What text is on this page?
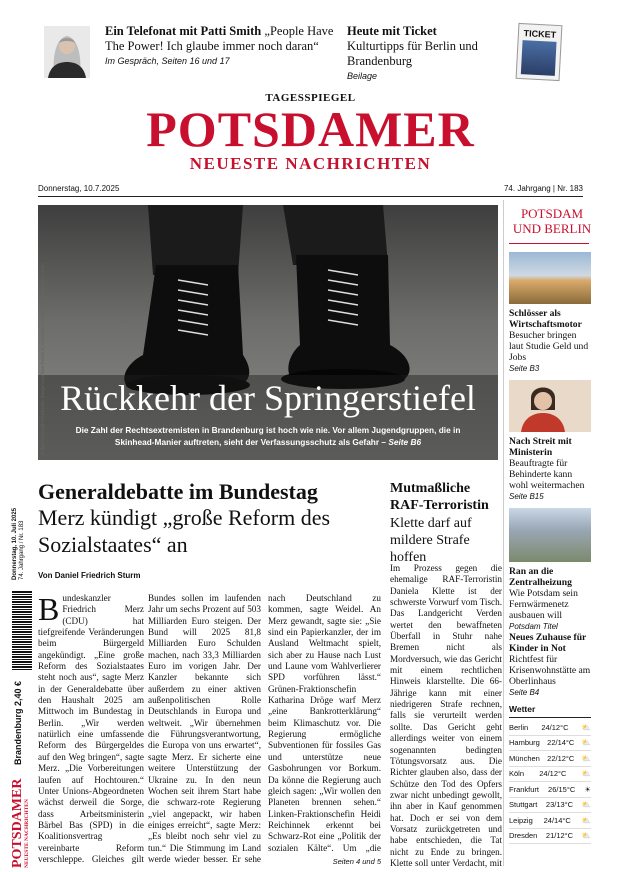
Ein Telefonat mit Patti Smith „People Have The Power! Ich glaube immer noch daran“
Im Gespräch, Seiten 16 und 17
Heute mit Ticket
Kulturtipps für Berlin und Brandenburg
Beilage
TICKET
TAGESSPIEGEL
POTSDAMER
NEUESTE NACHRICHTEN
Donnerstag, 10.7.2025	74. Jahrgang | Nr. 183
Rückkehr der Springerstiefel
Die Zahl der Rechtsextremisten in Brandenburg ist hoch wie nie. Vor allem Jugendgruppen, die in Skinhead-Manier auftreten, sieht der Verfassungsschutz als Gefahr – Seite B6
© dpa/Christoph Reichwein; imago/Jonathan Tausend; Sebastian Gabsch, dpa/Vanessa Lo Cast
Generaldebatte im Bundestag
Merz kündigt „große Reform des Sozialstaates“ an
Von Daniel Friedrich Sturm
Bundeskanzler Friedrich Merz (CDU) hat tiefgreifende Veränderungen beim Bürgergeld angekündigt. „Eine große Reform des Sozialstaates steht noch aus“, sagte Merz in der Generaldebatte über den Haushalt 2025 am Mittwoch im Bundestag in Berlin. „Wir werden natürlich eine umfassende Reform des Bürgergeldes auf den Weg bringen“, sagte Merz. „Die Vorbereitungen laufen auf Hochtouren.“ Unter Unions-Abgeordneten wächst derweil die Sorge, dass Arbeitsministerin Bärbel Bas (SPD) in die Koalitionsvertrag vereinbarte Reform verschleppe. Gleiches gilt

Bundes sollen im laufenden Jahr um sechs Prozent auf 503 Milliarden Euro steigen. Der Bund will 2025 81,8 Milliarden Euro Schulden machen, nach 33,3 Milliarden Euro im vorigen Jahr. Der Kanzler bekannte sich außerdem zu einer aktiven außenpolitischen Rolle Deutschlands in Europa und weltweit. „Wir übernehmen die Führungsverantwortung, die Europa von uns erwartet“, sagte Merz. Er sicherte eine weitere Unterstützung der Ukraine zu. In den neun Wochen seit ihrem Start habe die schwarz-rote Regierung „viel angepackt, wir haben einiges erreicht“, sagte Merz: „Es bleibt noch sehr viel zu tun.“ Die Stimmung im Land werde wieder besser. Er sehe

nach Deutschland zu kommen, sagte Weidel. An Merz gewandt, sagte sie: „Sie sind ein Papierkanzler, der im Ausland Weltmacht spielt, sich aber zu Hause nach Lust und Laune vom Wahlverlierer SPD vorführen lässt.“ Grünen-Fraktionschefin Katharina Dröge warf Merz „eine Bankrotterklärung“ beim Klimaschutz vor. Die Regierung ermögliche Subventionen für fossiles Gas und unterstütze neue Gasbohrungen vor Borkum. Da könne die Regierung auch gleich sagen: „Wir wollen den Planeten brennen sehen.“ Linken-Fraktionschefin Heidi Reichinnek erkennt bei Schwarz-Rot eine „Politik der sozialen Kälte“. Um „die

Seiten 4 und 5
Mutmaßliche RAF-Terroristin
Klette darf auf mildere Strafe hoffen
Im Prozess gegen die ehemalige RAF-Terroristin Daniela Klette ist der schwerste Vorwurf vom Tisch. Das Landgericht Verden wertet den bewaffneten Überfall in Stuhr nahe Bremen nicht als Mordversuch, wie das Gericht mit einem rechtlichen Hinweis klarstellte. Die 66-Jährige kann mit einer niedrigeren Strafe rechnen, falls sie verurteilt werden sollte. Das Gericht geht allerdings weiter von einem sogenannten bedingten Tötungsvorsatz aus. Die Richter glauben also, dass der Schütze den Tod des Opfers zwar nicht unbedingt gewollt, ihn aber in Kauf genommen hat. Doch er sei von dem Vorsatz zurückgetreten und habe entschieden, die Tat nicht zu Ende zu bringen. Klette soll unter Verdacht, mit
POTSDAM UND BERLIN
Schlösser als Wirtschaftsmotor
Besucher bringen laut Studie Geld und Jobs
Seite B3
Nach Streit mit Ministerin
Beauftragte für Behinderte kann wohl weitermachen
Seite B15
Ran an die Zentralheizung
Wie Potsdam sein Fernwärmenetz ausbauen will
Potsdam Titel
Neues Zuhause für Kinder in Not
Richtfest für Krisenwohnstätte am Oberlinhaus
Seite B4
Wetter
Berlin 24/12°C ⛅
Hamburg 22/14°C ⛅
München 22/12°C ⛅
Köln 24/12°C ⛅
Frankfurt 26/15°C ☀
Stuttgart 23/13°C ⛅
Leipzig 24/14°C ⛅
Dresden 21/12°C ⛅
Donnerstag, 10. Juli 2025 74. Jahrgang / Nr. 183
Brandenburg 2,40 €
POTSDAMER NEUESTE NACHRICHTEN
